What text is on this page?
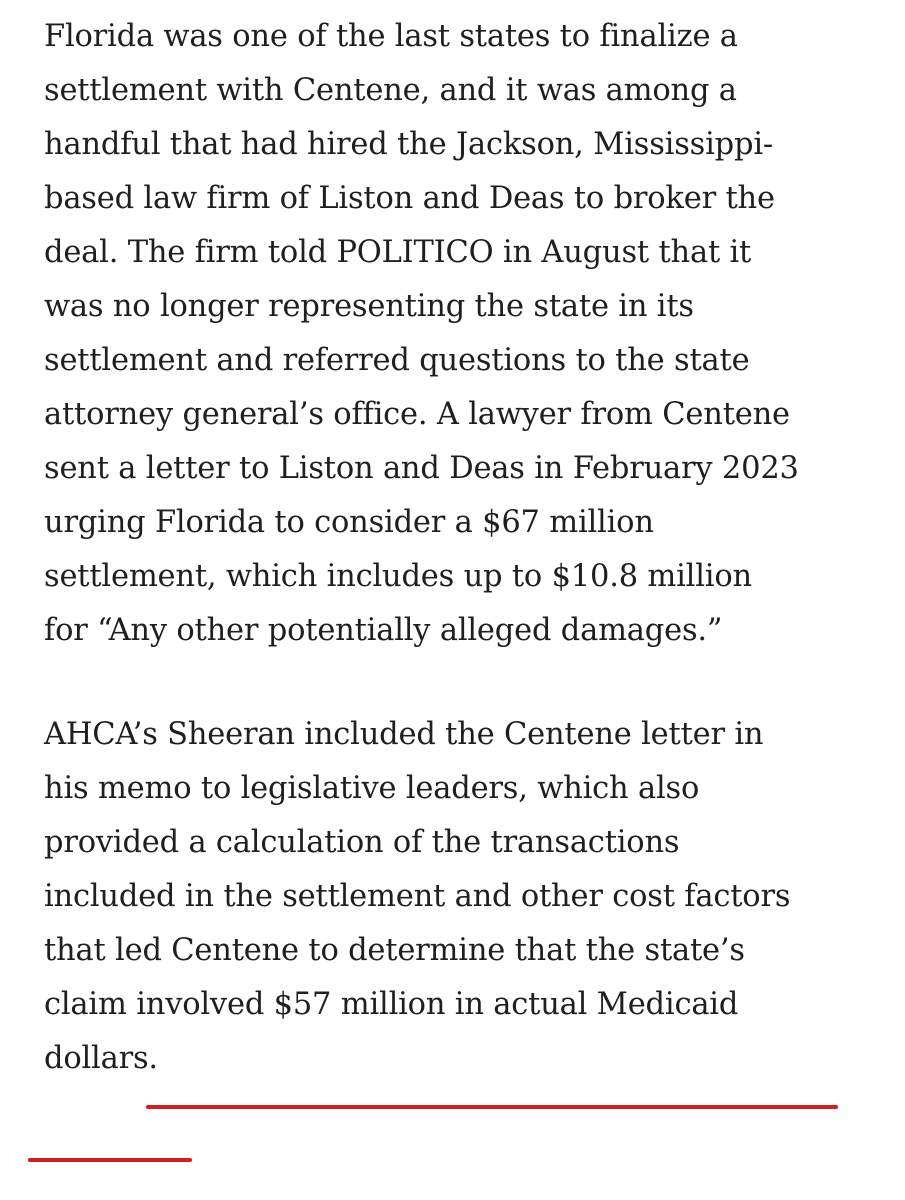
Florida was one of the last states to finalize a
settlement with Centene, and it was among a
handful that had hired the Jackson, Mississippi-
based law firm of Liston and Deas to broker the
deal. The firm told POLITICO in August that it
was no longer representing the state in its
settlement and referred questions to the state
attorney general’s office. A lawyer from Centene
sent a letter to Liston and Deas in February 2023
urging Florida to consider a $67 million
settlement, which includes up to $10.8 million
for “Any other potentially alleged damages.”

AHCA’s Sheeran included the Centene letter in
his memo to legislative leaders, which also
provided a calculation of the transactions
included in the settlement and other cost factors
that led Centene to determine that the state’s
claim involved $57 million in actual Medicaid
dollars.
